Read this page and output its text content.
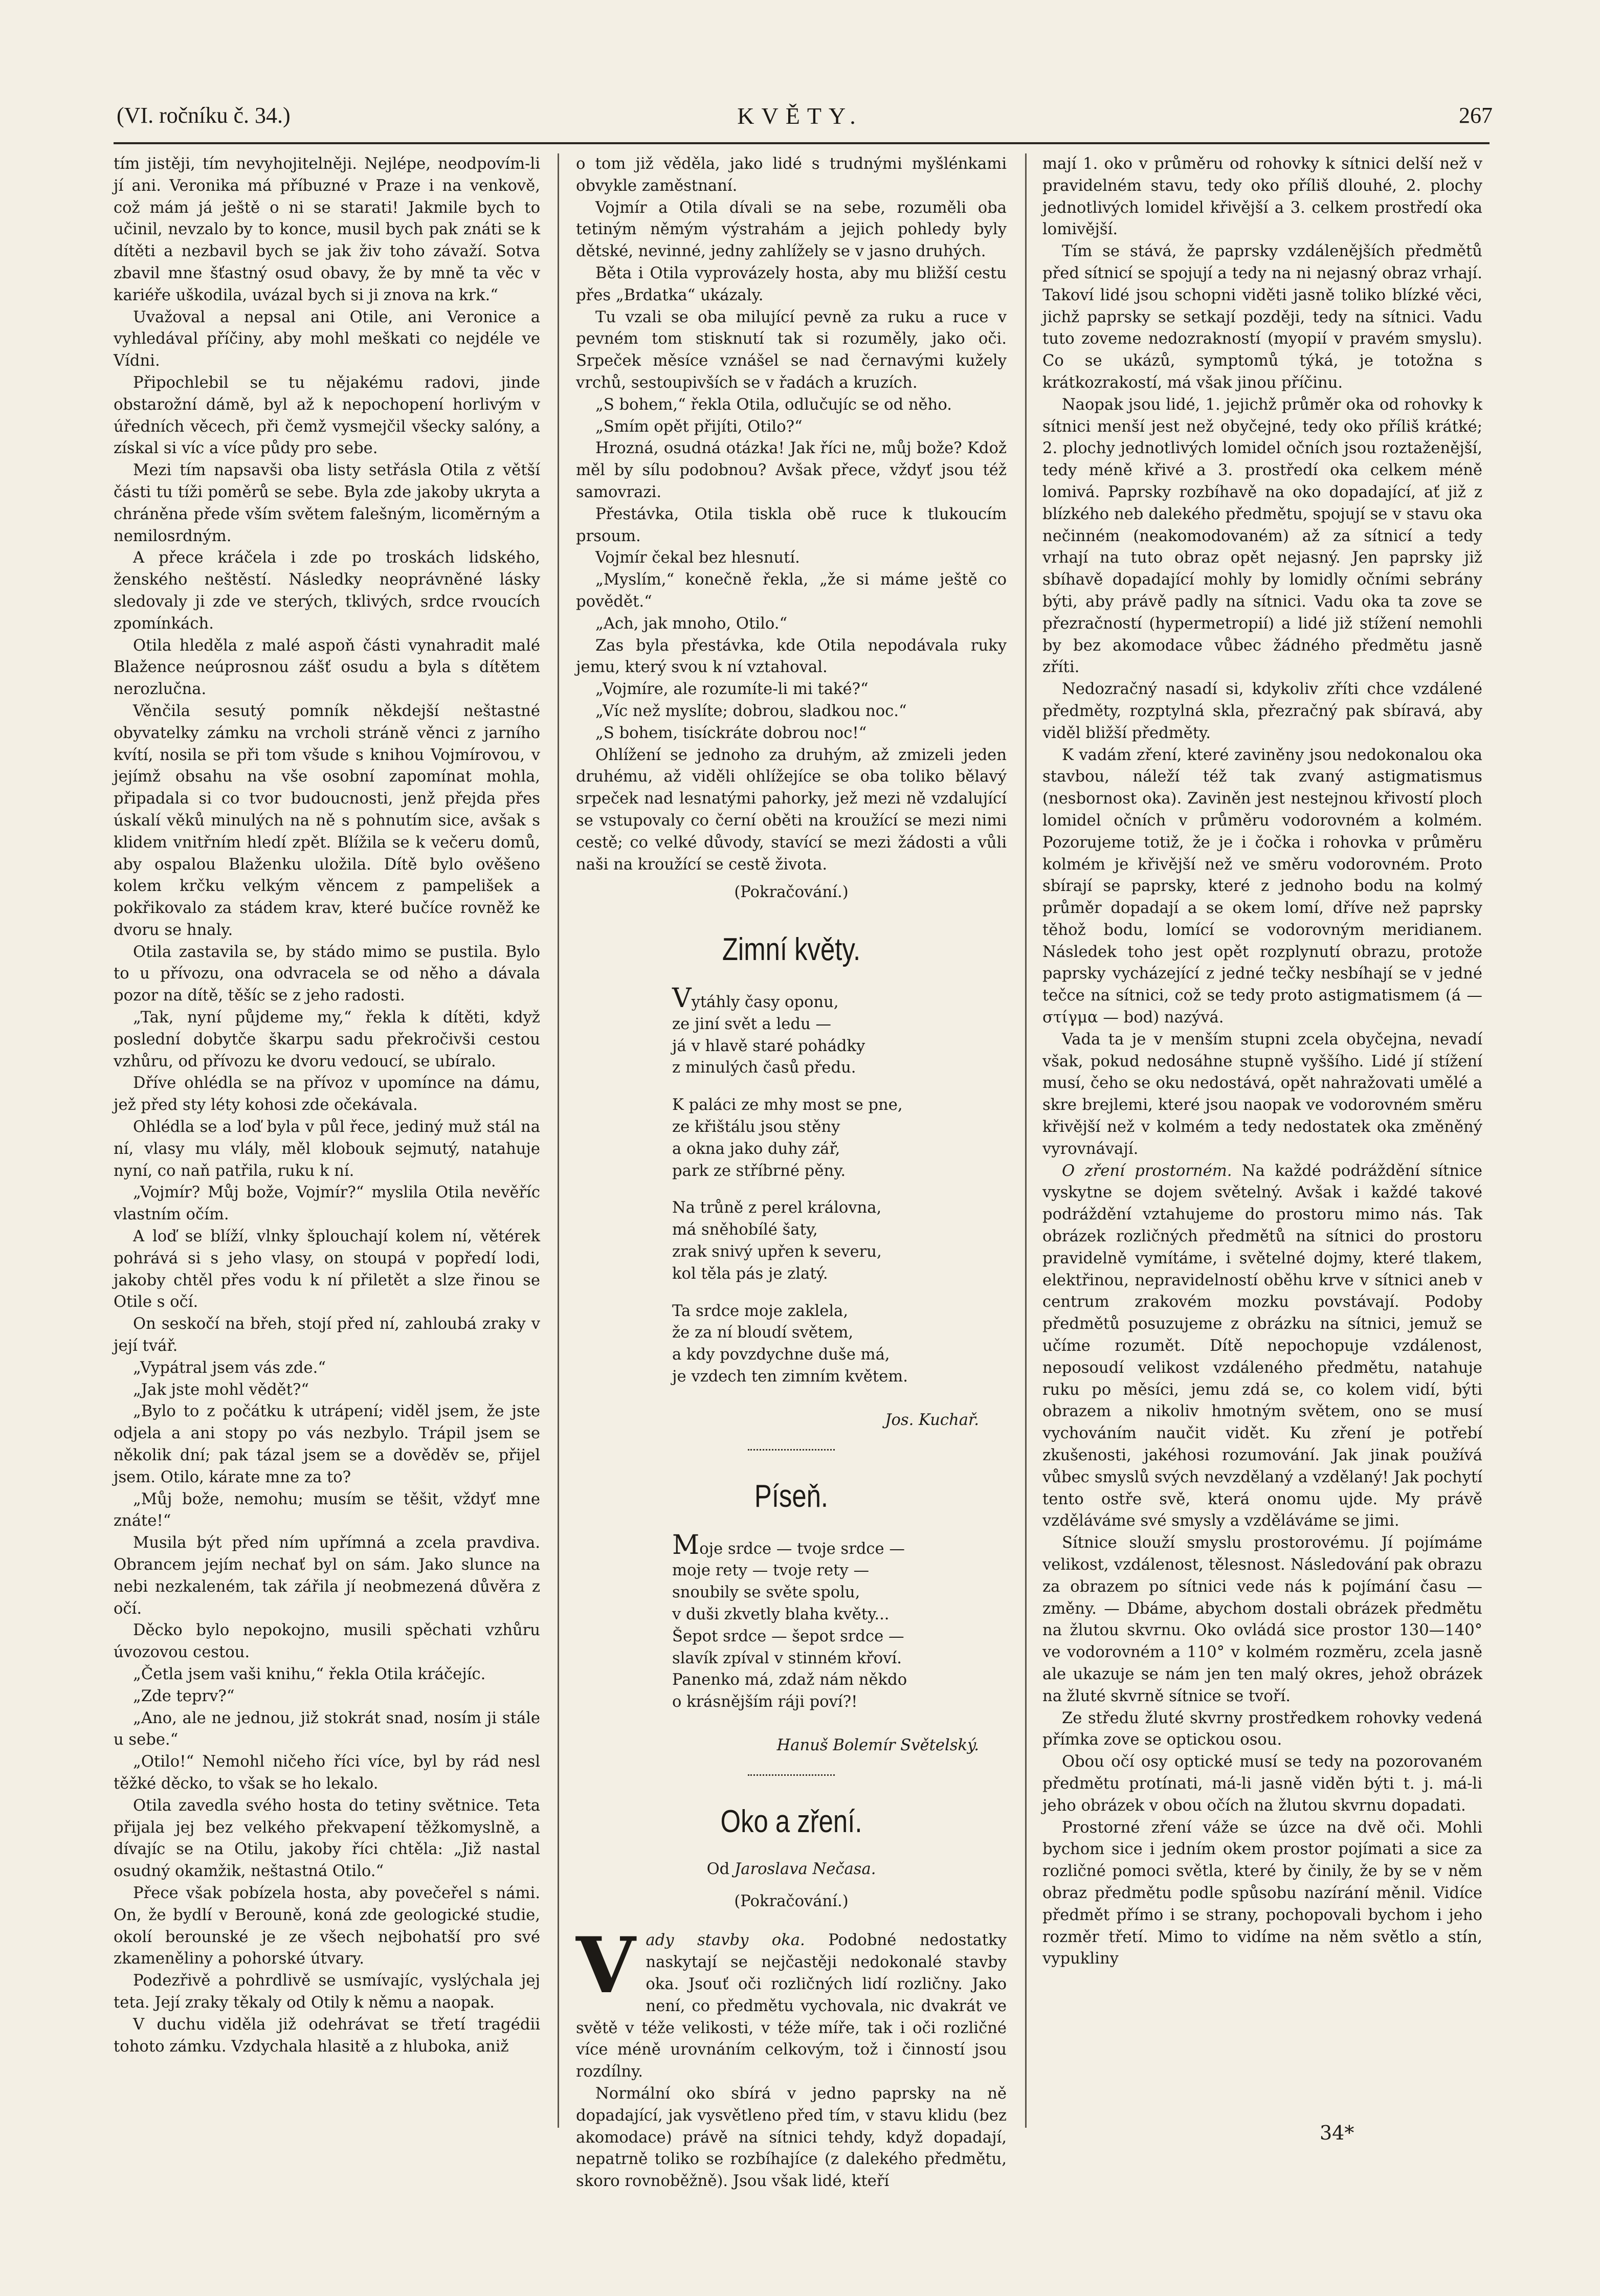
(VI. ročníku č. 34.)	KVĚTY.	267

tím jistěji, tím nevyhojitelněji. Nejlépe, neodpovím-li jí ani. Veronika má příbuzné v Praze i na venkově, což mám já ještě o ni se starati! Jakmile bych to učinil, nevzalo by to konce, musil bych pak znáti se k dítěti a nezbavil bych se jak živ toho závaží. Sotva zbavil mne šťastný osud obavy, že by mně ta věc v kariéře uškodila, uvázal bych si ji znova na krk.“

Uvažoval a nepsal ani Otile, ani Veronice a vyhledával příčiny, aby mohl meškati co nejdéle ve Vídni.

Připochlebil se tu nějakému radovi, jinde obstarožní dámě, byl až k nepochopení horlivým v úředních věcech, při čemž vysmejčil všecky salóny, a získal si víc a více půdy pro sebe.

Mezi tím napsavši oba listy setřásla Otila z větší části tu tíži poměrů se sebe. Byla zde jakoby ukryta a chráněna přede vším světem falešným, licoměrným a nemilosrdným.

A přece kráčela i zde po troskách lidského, ženského neštěstí. Následky neoprávněné lásky sledovaly ji zde ve sterých, tklivých, srdce rvoucích zpomínkách.

Otila hleděla z malé aspoň části vynahradit malé Blažence neúprosnou zášť osudu a byla s dítětem nerozlučna.

Věnčila sesutý pomník někdejší neštastné obyvatelky zámku na vrcholi stráně věnci z jarního kvítí, nosila se při tom všude s knihou Vojmírovou, v jejímž obsahu na vše osobní zapomínat mohla, připadala si co tvor budoucnosti, jenž přejda přes úskalí věků minulých na ně s pohnutím sice, avšak s klidem vnitřním hledí zpět. Blížila se k večeru domů, aby ospalou Blaženku uložila. Dítě bylo ověšeno kolem krčku velkým věncem z pampelišek a pokřikovalo za stádem krav, které bučíce rovněž ke dvoru se hnaly.

Otila zastavila se, by stádo mimo se pustila. Bylo to u přívozu, ona odvracela se od něho a dávala pozor na dítě, těšíc se z jeho radosti.

„Tak, nyní půjdeme my,“ řekla k dítěti, když poslední dobytče škarpu sadu překročivši cestou vzhůru, od přívozu ke dvoru vedoucí, se ubíralo.

Dříve ohlédla se na přívoz v upomínce na dámu, jež před sty léty kohosi zde očekávala.

Ohlédla se a loď byla v půl řece, jediný muž stál na ní, vlasy mu vlály, měl klobouk sejmutý, natahuje nyní, co naň patřila, ruku k ní.

„Vojmír? Můj bože, Vojmír?“ myslila Otila nevěříc vlastním očím.

A loď se blíží, vlnky šplouchají kolem ní, větérek pohrává si s jeho vlasy, on stoupá v popředí lodi, jakoby chtěl přes vodu k ní přiletět a slze řinou se Otile s očí.

On seskočí na břeh, stojí před ní, zahloubá zraky v její tvář.

„Vypátral jsem vás zde.“

„Jak jste mohl vědět?“

„Bylo to z počátku k utrápení; viděl jsem, že jste odjela a ani stopy po vás nezbylo. Trápil jsem se několik dní; pak tázal jsem se a dověděv se, přijel jsem. Otilo, kárate mne za to?

„Můj bože, nemohu; musím se těšit, vždyť mne znáte!“

Musila být před ním upřímná a zcela pravdiva. Obrancem jejím nechať byl on sám. Jako slunce na nebi nezkaleném, tak zářila jí neobmezená důvěra z očí.

Děcko bylo nepokojno, musili spěchati vzhůru úvozovou cestou.

„Četla jsem vaši knihu,“ řekla Otila kráčejíc.

„Zde teprv?“

„Ano, ale ne jednou, již stokrát snad, nosím ji stále u sebe.“

„Otilo!“ Nemohl ničeho říci více, byl by rád nesl těžké děcko, to však se ho lekalo.

Otila zavedla svého hosta do tetiny světnice. Teta přijala jej bez velkého překvapení těžkomyslně, a dívajíc se na Otilu, jakoby říci chtěla: „Již nastal osudný okamžik, neštastná Otilo.“

Přece však pobízela hosta, aby povečeřel s námi. On, že bydlí v Berouně, koná zde geologické studie, okolí berounské je ze všech nejbohatší pro své zkameněliny a pohorské útvary.

Podezřivě a pohrdlivě se usmívajíc, vyslýchala jej teta. Její zraky těkaly od Otily k němu a naopak.

V duchu viděla již odehrávat se třetí tragédii tohoto zámku. Vzdychala hlasitě a z hluboka, aniž

o tom již věděla, jako lidé s trudnými myšlénkami obvykle zaměstnaní.

Vojmír a Otila dívali se na sebe, rozuměli oba tetiným němým výstrahám a jejich pohledy byly dětské, nevinné, jedny zahlížely se v jasno druhých.

Běta i Otila vyprovázely hosta, aby mu bližší cestu přes „Brdatka“ ukázaly.

Tu vzali se oba milující pevně za ruku a ruce v pevném tom stisknutí tak si rozuměly, jako oči. Srpeček měsíce vznášel se nad černavými kužely vrchů, sestoupivších se v řadách a kruzích.

„S bohem,“ řekla Otila, odlučujíc se od něho.

„Smím opět přijíti, Otilo?“

Hrozná, osudná otázka! Jak říci ne, můj bože? Kdož měl by sílu podobnou? Avšak přece, vždyť jsou též samovrazi.

Přestávka, Otila tiskla obě ruce k tlukoucím prsoum.

Vojmír čekal bez hlesnutí.

„Myslím,“ konečně řekla, „že si máme ještě co povědět.“

„Ach, jak mnoho, Otilo.“

Zas byla přestávka, kde Otila nepodávala ruky jemu, který svou k ní vztahoval.

„Vojmíre, ale rozumíte-li mi také?“

„Víc než myslíte; dobrou, sladkou noc.“

„S bohem, tisíckráte dobrou noc!“

Ohlížení se jednoho za druhým, až zmizeli jeden druhému, až viděli ohlížejíce se oba toliko bělavý srpeček nad lesnatými pahorky, jež mezi ně vzdalující se vstupovaly co černí oběti na kroužící se mezi nimi cestě; co velké důvody, stavící se mezi žádosti a vůli naši na kroužící se cestě života.

(Pokračování.)
Zimní květy.

Vytáhly časy oponu,

ze jiní svět a ledu —

já v hlavě staré pohádky

z minulých časů předu.

K paláci ze mhy most se pne,

ze křištálu jsou stěny

a okna jako duhy zář,

park ze stříbrné pěny.

Na trůně z perel královna,

má sněhobílé šaty,

zrak snivý upřen k severu,

kol těla pás je zlatý.

Ta srdce moje zaklela,

že za ní bloudí světem,

a kdy povzdychne duše má,

je vzdech ten zimním květem.

Jos. Kuchař.
Píseň.

Moje srdce — tvoje srdce —

moje rety — tvoje rety —

snoubily se světe spolu,

v duši zkvetly blaha květy...

Šepot srdce — šepot srdce —

slavík zpíval v stinném křoví.

Panenko má, zdaž nám někdo

o krásnějším ráji poví?!

Hanuš Bolemír Světelský.
Oko a zření.
Od Jaroslava Nečasa.
(Pokračování.)

Vady stavby oka. Podobné nedostatky naskytají se nejčastěji nedokonalé stavby oka. Jsouť oči rozličných lidí rozličny. Jako není, co předmětu vychovala, nic dvakrát ve světě v téže velikosti, v téže míře, tak i oči rozličné více méně urovnáním celkovým, tož i činností jsou rozdílny.

Normální oko sbírá v jedno paprsky na ně dopadající, jak vysvětleno před tím, v stavu klidu (bez akomodace) právě na sítnici tehdy, když dopadají, nepatrně toliko se rozbíhajíce (z dalekého předmětu, skoro rovnoběžně). Jsou však lidé, kteří

mají 1. oko v průměru od rohovky k sítnici delší než v pravidelném stavu, tedy oko příliš dlouhé, 2. plochy jednotlivých lomidel křivější a 3. celkem prostředí oka lomivější.

Tím se stává, že paprsky vzdálenějších předmětů před sítnicí se spojují a tedy na ni nejasný obraz vrhají. Takoví lidé jsou schopni viděti jasně toliko blízké věci, jichž paprsky se setkají později, tedy na sítnici. Vadu tuto zoveme nedozrakností (myopií v pravém smyslu). Co se ukázů, symptomů týká, je totožna s krátkozrakostí, má však jinou příčinu.

Naopak jsou lidé, 1. jejichž průměr oka od rohovky k sítnici menší jest než obyčejné, tedy oko příliš krátké; 2. plochy jednotlivých lomidel očních jsou roztaženější, tedy méně křivé a 3. prostředí oka celkem méně lomivá. Paprsky rozbíhavě na oko dopadající, ať již z blízkého neb dalekého předmětu, spojují se v stavu oka nečinném (neakomodovaném) až za sítnicí a tedy vrhají na tuto obraz opět nejasný. Jen paprsky již sbíhavě dopadající mohly by lomidly očními sebrány býti, aby právě padly na sítnici. Vadu oka ta zove se přezračností (hypermetropií) a lidé již stížení nemohli by bez akomodace vůbec žádného předmětu jasně zříti.

Nedozračný nasadí si, kdykoliv zříti chce vzdálené předměty, rozptylná skla, přezračný pak sbíravá, aby viděl bližší předměty.

K vadám zření, které zaviněny jsou nedokonalou oka stavbou, náleží též tak zvaný astigmatismus (nesbornost oka). Zaviněn jest nestejnou křivostí ploch lomidel očních v průměru vodorovném a kolmém. Pozorujeme totiž, že je i čočka i rohovka v průměru kolmém je křivější než ve směru vodorovném. Proto sbírají se paprsky, které z jednoho bodu na kolmý průměr dopadají a se okem lomí, dříve než paprsky těhož bodu, lomící se vodorovným meridianem. Následek toho jest opět rozplynutí obrazu, protože paprsky vycházející z jedné tečky nesbíhají se v jedné tečce na sítnici, což se tedy proto astigmatismem (á — στίγμα — bod) nazývá.

Vada ta je v menším stupni zcela obyčejna, nevadí však, pokud nedosáhne stupně vyššího. Lidé jí stížení musí, čeho se oku nedostává, opět nahražovati umělé a skre brejlemi, které jsou naopak ve vodorovném směru křivější než v kolmém a tedy nedostatek oka změněný vyrovnávají.

O zření prostorném. Na každé podráždění sítnice vyskytne se dojem světelný. Avšak i každé takové podráždění vztahujeme do prostoru mimo nás. Tak obrázek rozličných předmětů na sítnici do prostoru pravidelně vymítáme, i světelné dojmy, které tlakem, elektřinou, nepravidelností oběhu krve v sítnici aneb v centrum zrakovém mozku povstávají. Podoby předmětů posuzujeme z obrázku na sítnici, jemuž se učíme rozumět. Dítě nepochopuje vzdálenost, neposoudí velikost vzdáleného předmětu, natahuje ruku po měsíci, jemu zdá se, co kolem vidí, býti obrazem a nikoliv hmotným světem, ono se musí vychováním naučit vidět. Ku zření je potřebí zkušenosti, jakéhosi rozumování. Jak jinak používá vůbec smyslů svých nevzdělaný a vzdělaný! Jak pochytí tento ostře svě, která onomu ujde. My právě vzděláváme své smysly a vzděláváme se jimi.

Sítnice slouží smyslu prostorovému. Jí pojímáme velikost, vzdálenost, tělesnost. Následování pak obrazu za obrazem po sítnici vede nás k pojímání času — změny. — Dbáme, abychom dostali obrázek předmětu na žlutou skvrnu. Oko ovládá sice prostor 130—140° ve vodorovném a 110° v kolmém rozměru, zcela jasně ale ukazuje se nám jen ten malý okres, jehož obrázek na žluté skvrně sítnice se tvoří.

Ze středu žluté skvrny prostředkem rohovky vedená přímka zove se optickou osou.

Obou očí osy optické musí se tedy na pozorovaném předmětu protínati, má-li jasně viděn býti t. j. má-li jeho obrázek v obou očích na žlutou skvrnu dopadati.

Prostorné zření váže se úzce na dvě oči. Mohli bychom sice i jedním okem prostor pojímati a sice za rozličné pomoci světla, které by činily, že by se v něm obraz předmětu podle spůsobu nazírání měnil. Vidíce předmět přímo i se strany, pochopovali bychom i jeho rozměr třetí. Mimo to vidíme na něm světlo a stín, vypukliny

34*
